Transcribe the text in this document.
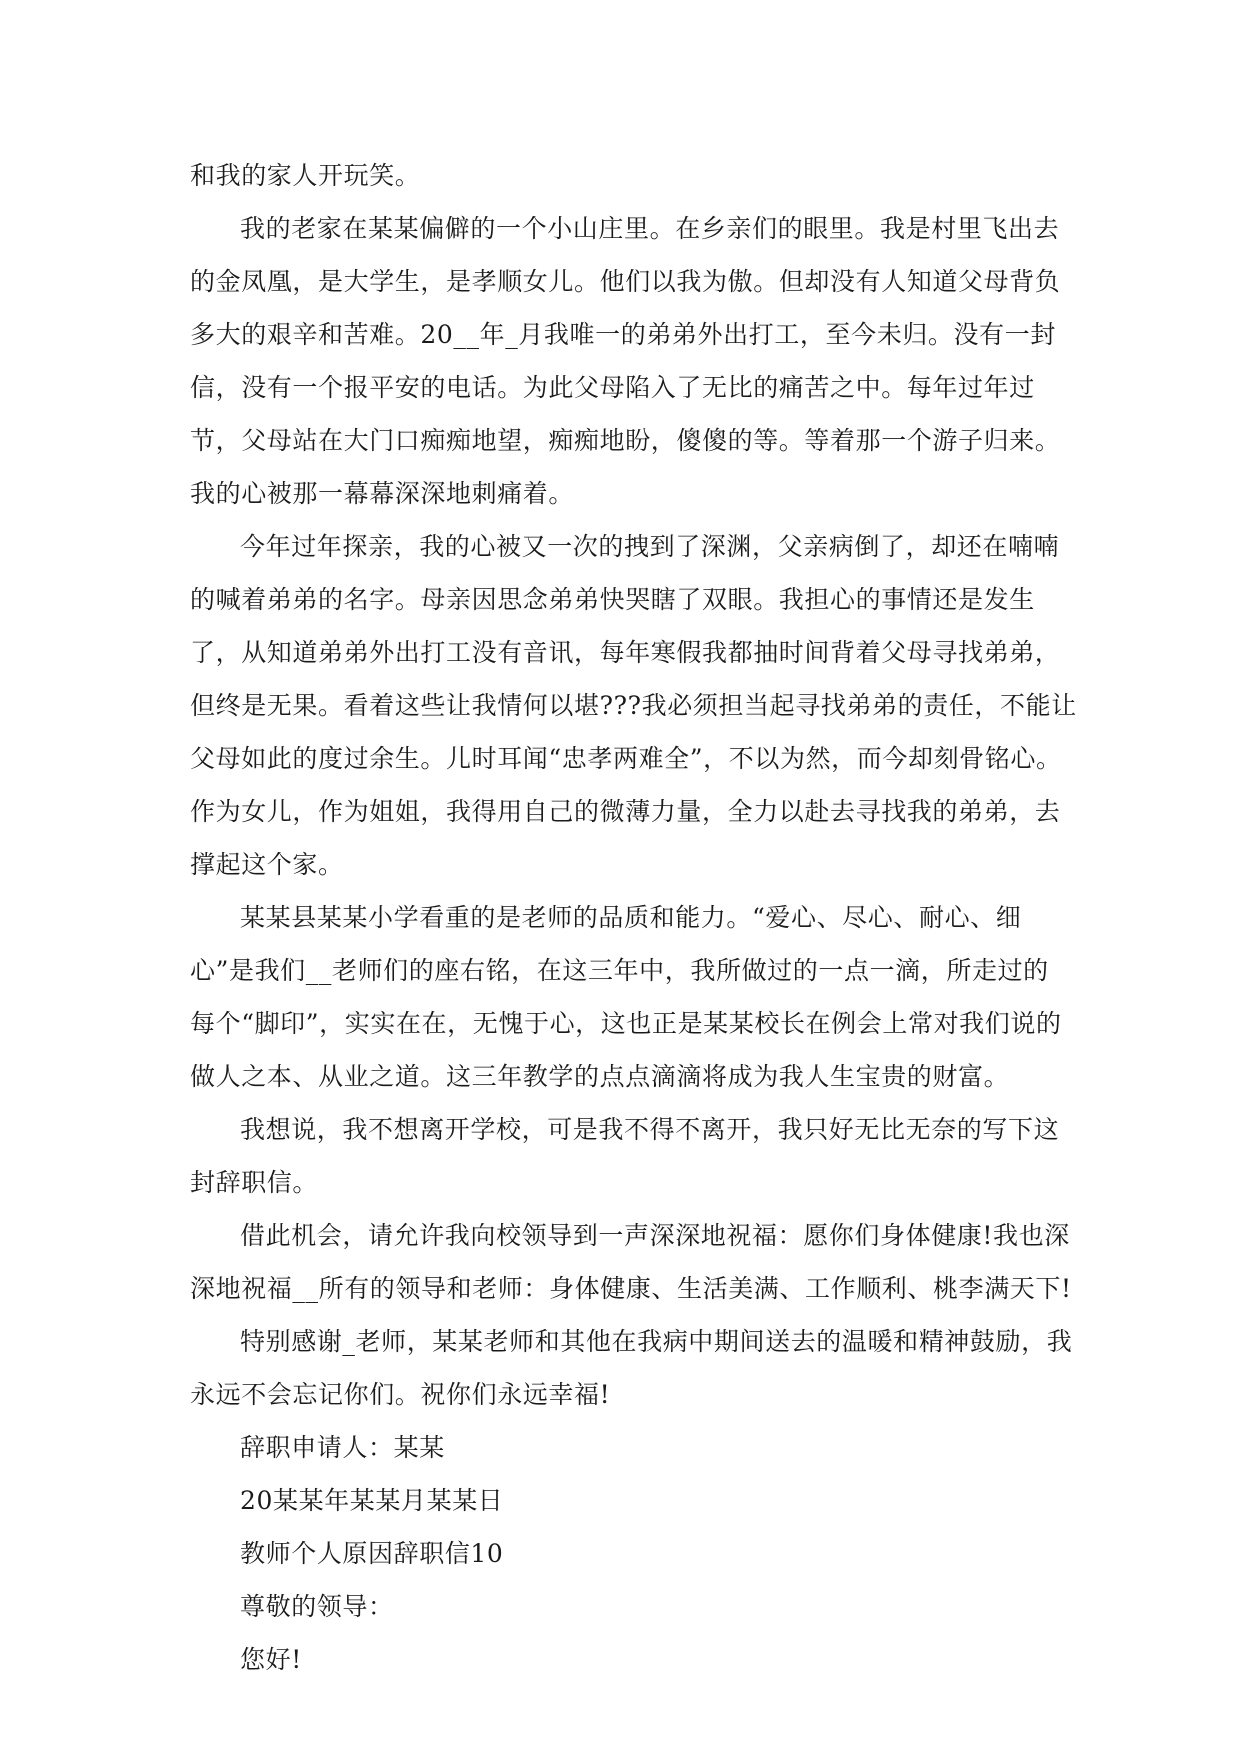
和我的家人开玩笑。
我的老家在某某偏僻的一个小山庄里。在乡亲们的眼里。我是村里飞出去
的金凤凰，是大学生，是孝顺女儿。他们以我为傲。但却没有人知道父母背负
多大的艰辛和苦难。20__年_月我唯一的弟弟外出打工，至今未归。没有一封
信，没有一个报平安的电话。为此父母陷入了无比的痛苦之中。每年过年过
节，父母站在大门口痴痴地望，痴痴地盼，傻傻的等。等着那一个游子归来。
我的心被那一幕幕深深地刺痛着。
今年过年探亲，我的心被又一次的拽到了深渊，父亲病倒了，却还在喃喃
的喊着弟弟的名字。母亲因思念弟弟快哭瞎了双眼。我担心的事情还是发生
了，从知道弟弟外出打工没有音讯，每年寒假我都抽时间背着父母寻找弟弟，
但终是无果。看着这些让我情何以堪???我必须担当起寻找弟弟的责任，不能让
父母如此的度过余生。儿时耳闻“忠孝两难全”，不以为然，而今却刻骨铭心。
作为女儿，作为姐姐，我得用自己的微薄力量，全力以赴去寻找我的弟弟，去
撑起这个家。
某某县某某小学看重的是老师的品质和能力。“爱心、尽心、耐心、细
心”是我们__老师们的座右铭，在这三年中，我所做过的一点一滴，所走过的
每个“脚印”，实实在在，无愧于心，这也正是某某校长在例会上常对我们说的
做人之本、从业之道。这三年教学的点点滴滴将成为我人生宝贵的财富。
我想说，我不想离开学校，可是我不得不离开，我只好无比无奈的写下这
封辞职信。
借此机会，请允许我向校领导到一声深深地祝福：愿你们身体健康!我也深
深地祝福__所有的领导和老师：身体健康、生活美满、工作顺利、桃李满天下!
特别感谢_老师，某某老师和其他在我病中期间送去的温暖和精神鼓励，我
永远不会忘记你们。祝你们永远幸福!
辞职申请人：某某
20某某年某某月某某日
教师个人原因辞职信10
尊敬的领导：
您好!
